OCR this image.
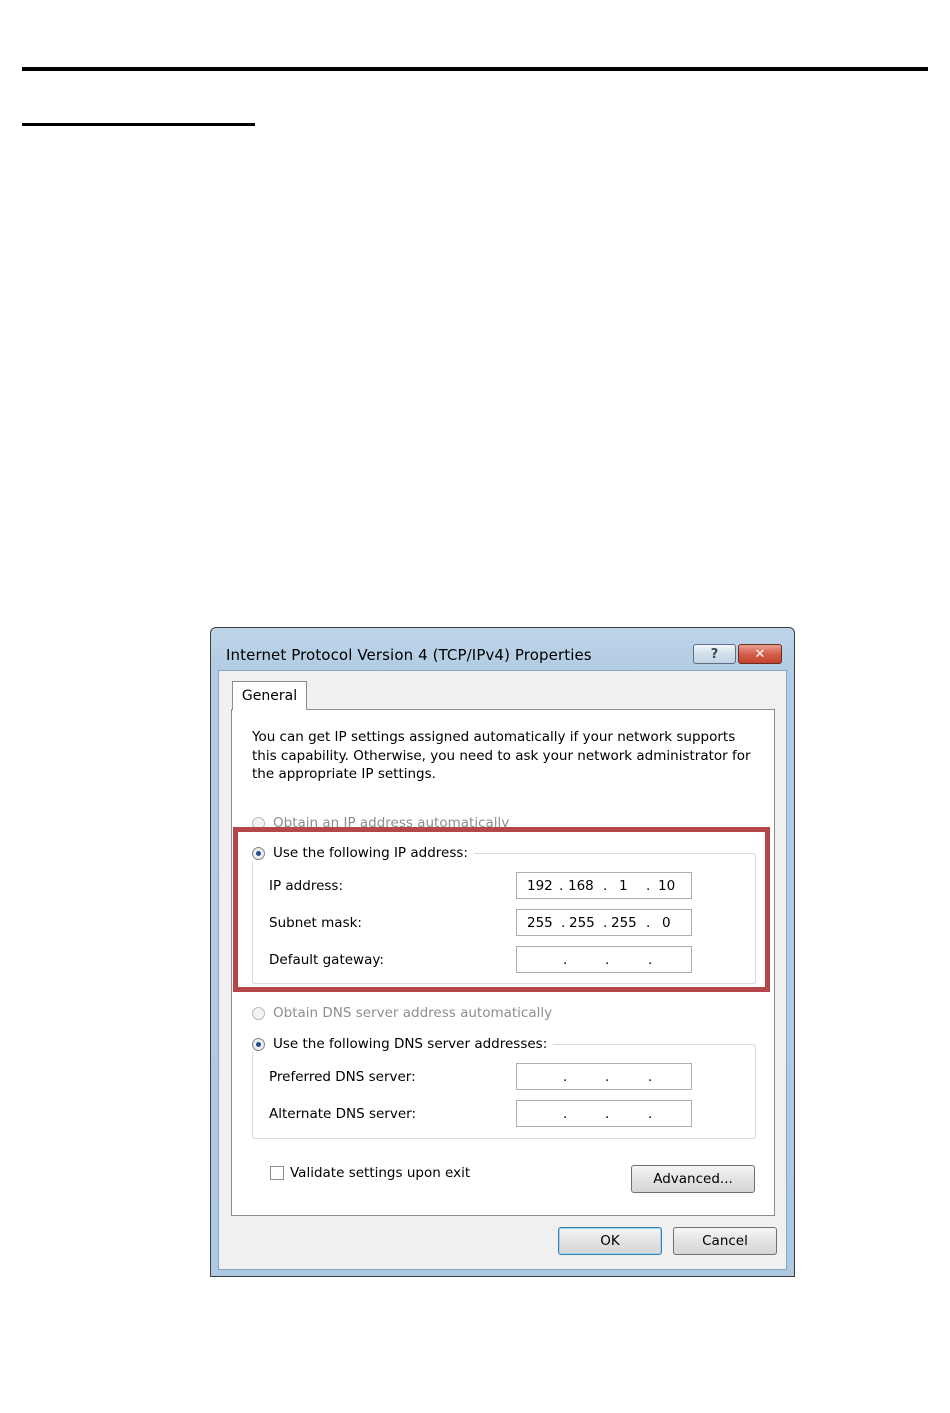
Internet Protocol Version 4 (TCP/IPv4) Properties	?	✕
General
You can get IP settings assigned automatically if your network supports this capability. Otherwise, you need to ask your network administrator for the appropriate IP settings.
Obtain an IP address automatically
Use the following IP address:
IP address:	192 . 168 . 1 . 10
Subnet mask:	255 . 255 . 255 . 0
Default gateway:	.	.	.
Obtain DNS server address automatically
Use the following DNS server addresses:
Preferred DNS server:	.	.	.
Alternate DNS server:	.	.	.
Validate settings upon exit	Advanced...
OK	Cancel
